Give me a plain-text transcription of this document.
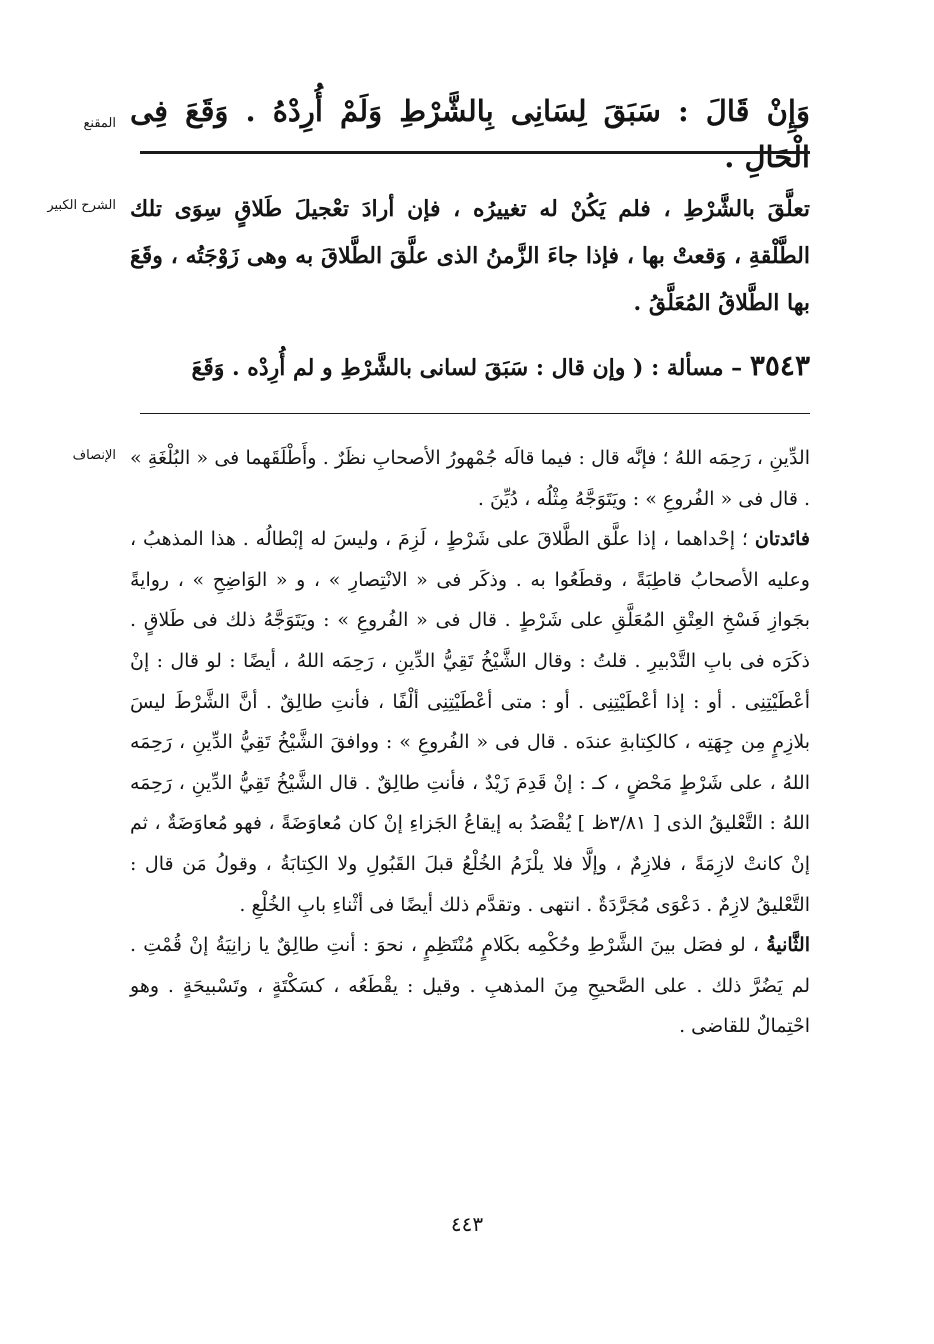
المقنع وَإِنْ قَالَ : سَبَقَ لِسَانِى بِالشَّرْطِ وَلَمْ أُرِدْهُ . وَقَعَ فِى الْحَالِ .
الشرح الكبير تعلَّقَ بالشَّرْطِ ، فلم يَكُنْ له تغييرُه ، فإن أرادَ تعْجيلَ طَلاقٍ سِوَى تلك الطَّلْقةِ ، وَقعتْ بها ، فإذا جاءَ الزَّمنُ الذى علَّقَ الطَّلاقَ به وهى زَوْجَتُه ، وقَعَ بها الطَّلاقُ المُعَلَّقُ .
٣٥٤٣ – مسألة : ( وإن قال : سَبَقَ لسانى بالشَّرْطِ و لم أُرِدْه . وَقَعَ
الإنصاف الدِّينِ ، رَحِمَه اللهُ ؛ فإنَّه قال : فيما قالَه جُمْهورُ الأصحابِ نظَرٌ . وأَطْلَقَهما فى « البُلْغَةِ » . قال فى « الفُروعِ » : ويَتَوَجَّهُ مِثْلُه ، دُيِّنَ .

فائدتان ؛ إحْداهما ، إذا علَّق الطَّلاقَ على شَرْطٍ ، لَزِمَ ، وليسَ له إبْطالُه . هذا المذهبُ ، وعليه الأصحابُ قاطِبَةً ، وقطَعُوا به . وذكَر فى « الانْتِصارِ » ، و « الوَاضِحِ » ، روايةً بجَوازِ فَسْخِ العِتْقِ المُعَلَّقِ على شَرْطٍ . قال فى « الفُروعِ » : ويَتَوَجَّهُ ذلك فى طَلاقٍ . ذكَرَه فى بابِ التَّدْبيرِ . قلتُ : وقال الشَّيْخُ تَقِيُّ الدِّينِ ، رَحِمَه اللهُ ، أيضًا : لو قال : إنْ أعْطَيْتِنِى . أو : إذا أعْطَيْتِنِى . أو : متى أعْطَيْتِنِى ألْفًا ، فأنتِ طالِقٌ . أنَّ الشَّرْطَ ليسَ بلازِمٍ مِن جِهَتِه ، كالكِتابةِ عندَه . قال فى « الفُروعِ » : ووافقَ الشَّيْخُ تَقِيُّ الدِّينِ ، رَحِمَه اللهُ ، على شَرْطٍ مَحْضٍ ، كـ : إنْ قَدِمَ زَيْدٌ ، فأنتِ طالِقٌ . قال الشَّيْخُ تَقِيُّ الدِّينِ ، رَحِمَه اللهُ : التَّعْليقُ الذى [ ٣/٨١ظ ] يُقْصَدُ به إيقاعُ الجَزاءِ إنْ كان مُعاوَضَةً ، فهو مُعاوَضَةٌ ، ثم إنْ كانتْ لازِمَةً ، فلازِمٌ ، وإلَّا فلا يلْزَمُ الخُلْعُ قبلَ القَبُولِ ولا الكِتابَةُ ، وقولُ مَن قال : التَّعْليقُ لازِمٌ . دَعْوَى مُجَرَّدَةٌ . انتهى . وتقدَّم ذلك أيضًا فى أثْناءِ بابِ الخُلْعِ .

الثَّانيةُ ، لو فصَل بينَ الشَّرْطِ وحُكْمِه بكَلامٍ مُنْتَظِمٍ ، نحوَ : أنتِ طالِقٌ يا زانِيَةُ إنْ قُمْتِ . لم يَضُرَّ ذلك . على الصَّحيحِ مِنَ المذهبِ . وقيل : يقْطَعُه ، كسَكْتَةٍ ، وتَسْبيحَةٍ . وهو احْتِمالٌ للقاضى .

٤٤٣
